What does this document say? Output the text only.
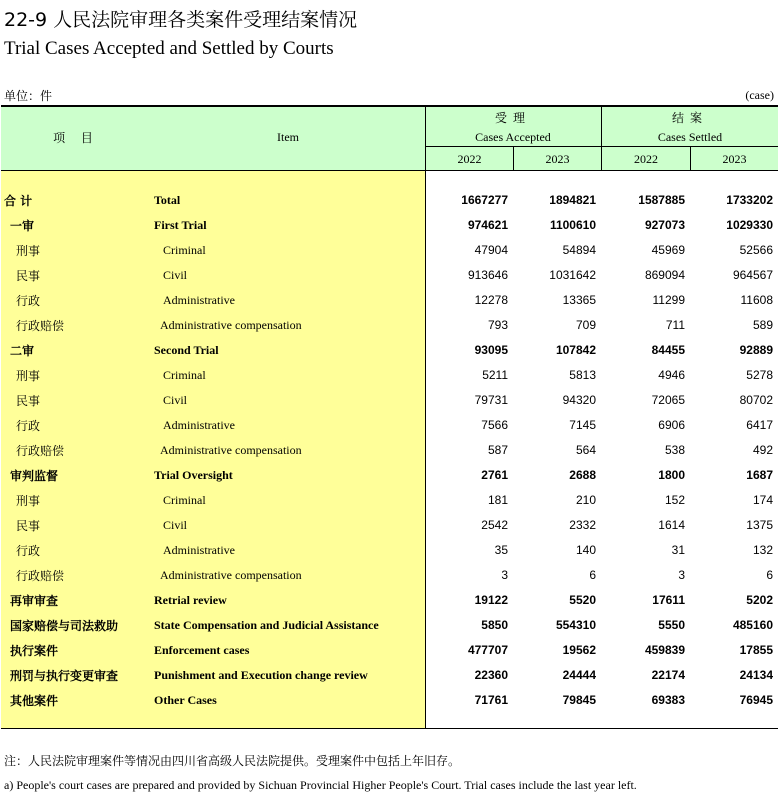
22-9 人民法院审理各类案件受理结案情况
Trial Cases Accepted and Settled by Courts
单位：件	(case)
项 目	Item
受理
Cases Accepted
结案
Cases Settled
2022	2023	2022	2023
合 计	Total	1667277	1894821	1587885	1733202
一审	First Trial	974621	1100610	927073	1029330
刑事	Criminal	47904	54894	45969	52566
民事	Civil	913646	1031642	869094	964567
行政	Administrative	12278	13365	11299	11608
行政赔偿	Administrative compensation	793	709	711	589
二审	Second Trial	93095	107842	84455	92889
刑事	Criminal	5211	5813	4946	5278
民事	Civil	79731	94320	72065	80702
行政	Administrative	7566	7145	6906	6417
行政赔偿	Administrative compensation	587	564	538	492
审判监督	Trial Oversight	2761	2688	1800	1687
刑事	Criminal	181	210	152	174
民事	Civil	2542	2332	1614	1375
行政	Administrative	35	140	31	132
行政赔偿	Administrative compensation	3	6	3	6
再审审查	Retrial review	19122	5520	17611	5202
国家赔偿与司法救助	State Compensation and Judicial Assistance	5850	554310	5550	485160
执行案件	Enforcement cases	477707	19562	459839	17855
刑罚与执行变更审查	Punishment and Execution change review	22360	24444	22174	24134
其他案件	Other Cases	71761	79845	69383	76945
注：人民法院审理案件等情况由四川省高级人民法院提供。受理案件中包括上年旧存。
a) People's court cases are prepared and provided by Sichuan Provincial Higher People's Court. Trial cases include the last year left.
